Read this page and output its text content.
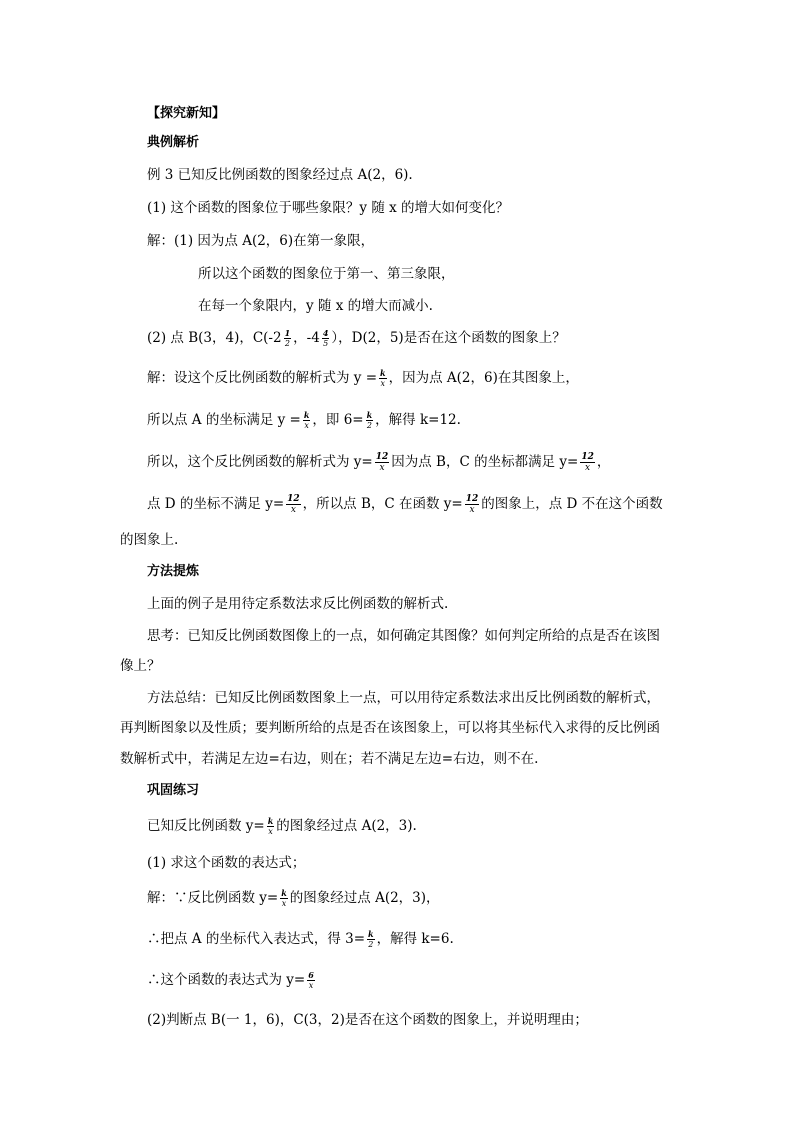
【探究新知】
典例解析
例 3 已知反比例函数的图象经过点 A(2，6).
(1) 这个函数的图象位于哪些象限？y 随 x 的增大如何变化？
解：(1) 因为点 A(2，6)在第一象限，
所以这个函数的图象位于第一、第三象限，
在每一个象限内，y 随 x 的增大而减小.
(2) 点 B(3，4)，$C(-2 \frac{1}{2}$ ，$-4 \frac{4}{5}$ ），D(2，5)是否在这个函数的图象上？
解：设这个反比例函数的解析式为 $y = \frac{k}{x}$ ，因为点 A(2，6)在其图象上，
所以点 A 的坐标满足 $y = \frac{k}{x}$ ，即 $6= \frac{k}{2}$ ，解得 k=12.
所以，这个反比例函数的解析式为 $y= \frac{12}{x}$ 因为点 B，C 的坐标都满足 $y= \frac{12}{x}$ ，
点 D 的坐标不满足 $y= \frac{12}{x}$ ，所以点 B，C 在函数 $y= \frac{12}{x}$ 的图象上，点 D 不在这个函数
的图象上.
方法提炼
上面的例子是用待定系数法求反比例函数的解析式.
思考：已知反比例函数图像上的一点，如何确定其图像？如何判定所给的点是否在该图
像上？
方法总结：已知反比例函数图象上一点，可以用待定系数法求出反比例函数的解析式，
再判断图象以及性质；要判断所给的点是否在该图象上，可以将其坐标代入求得的反比例函
数解析式中，若满足左边=右边，则在；若不满足左边=右边，则不在.
巩固练习
已知反比例函数 $y= \frac{k}{x}$ 的图象经过点 A(2，3).
(1) 求这个函数的表达式；
解：∵反比例函数 $y= \frac{k}{x}$ 的图象经过点 A(2，3)，
∴把点 A 的坐标代入表达式，得 $3= \frac{k}{2}$ ，解得 k=6.
∴这个函数的表达式为 $y= \frac{6}{x}$
(2)判断点 B(一 1，6)，C(3，2)是否在这个函数的图象上，并说明理由；
